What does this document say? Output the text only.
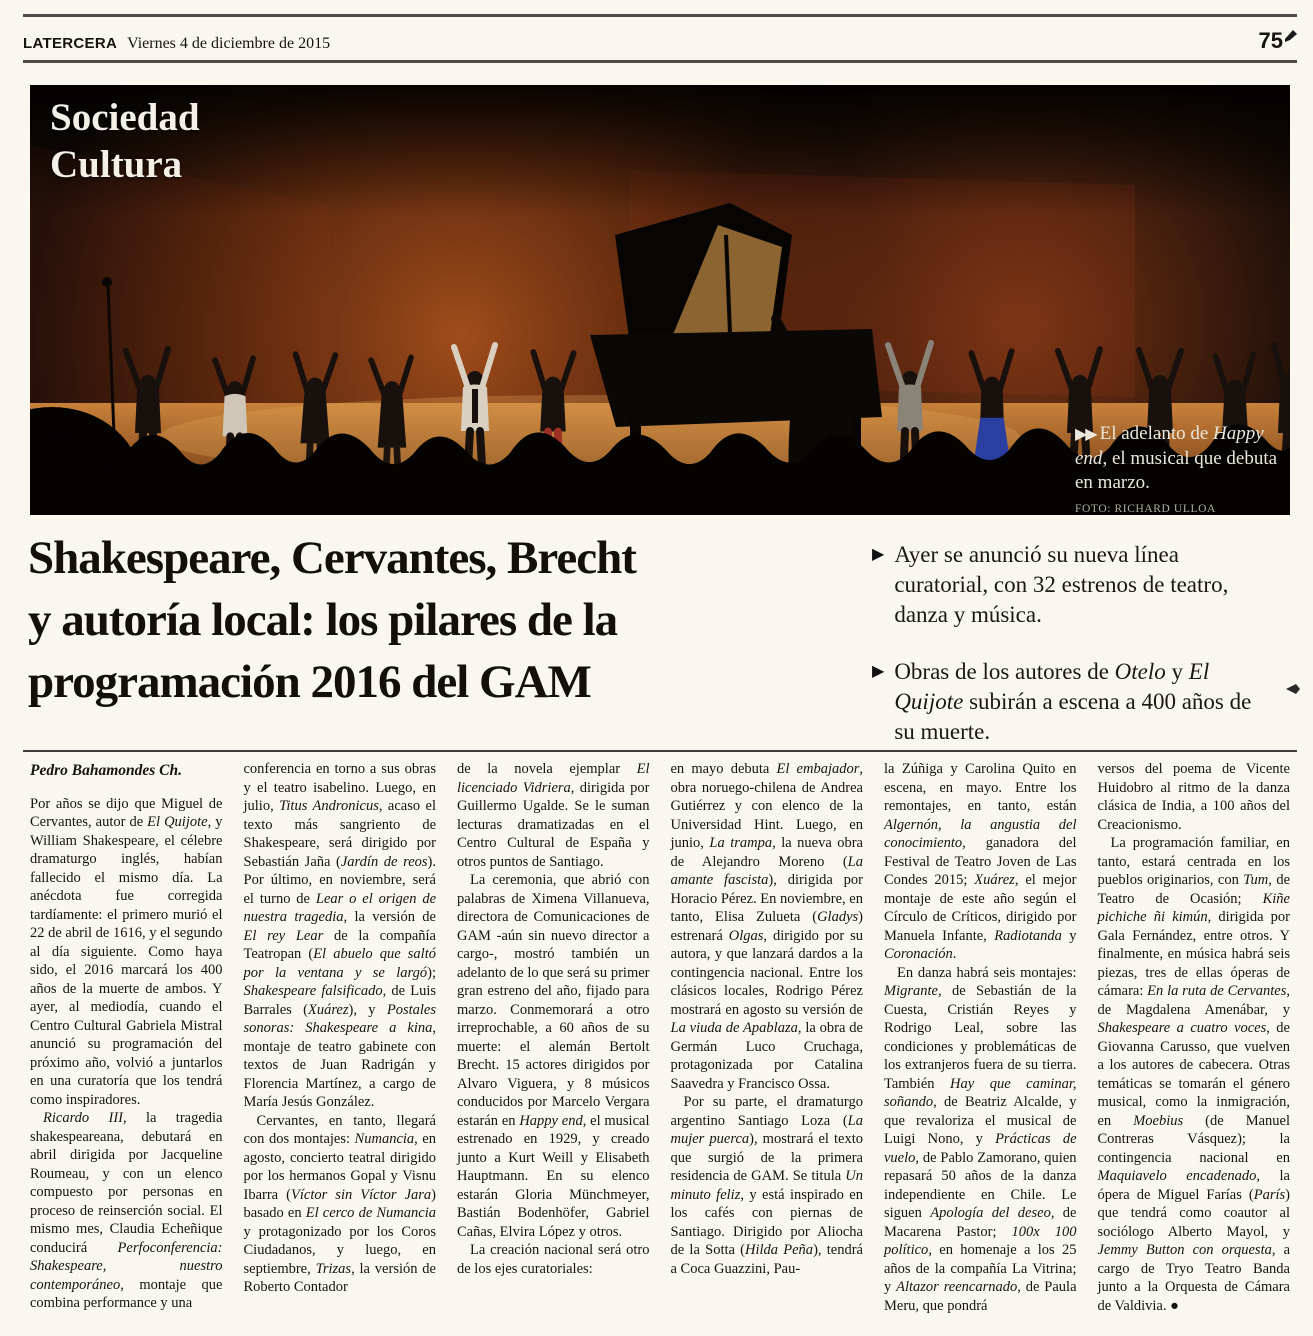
LATERCERA Viernes 4 de diciembre de 2015	75
Sociedad
Cultura
▶▶ El adelanto de Happy end, el musical que debuta en marzo.
FOTO: RICHARD ULLOA
Shakespeare, Cervantes, Brecht
y autoría local: los pilares de la
programación 2016 del GAM
▶ Ayer se anunció su nueva línea curatorial, con 32 estrenos de teatro, danza y música.
▶ Obras de los autores de Otelo y El Quijote subirán a escena a 400 años de su muerte.

Pedro Bahamondes Ch.

Por años se dijo que Miguel de Cervantes, autor de El Quijote, y William Shakespeare, el célebre dramaturgo inglés, habían fallecido el mismo día. La anécdota fue corregida tardíamente: el primero murió el 22 de abril de 1616, y el segundo al día siguiente. Como haya sido, el 2016 marcará los 400 años de la muerte de ambos. Y ayer, al mediodía, cuando el Centro Cultural Gabriela Mistral anunció su programación del próximo año, volvió a juntarlos en una curatoría que los tendrá como inspiradores.

Ricardo III, la tragedia shakespeareana, debutará en abril dirigida por Jacqueline Roumeau, y con un elenco compuesto por personas en proceso de reinserción social. El mismo mes, Claudia Echeñique conducirá Perfoconferencia: Shakespeare, nuestro contemporáneo, montaje que combina performance y una

conferencia en torno a sus obras y el teatro isabelino. Luego, en julio, Titus Andronicus, acaso el texto más sangriento de Shakespeare, será dirigido por Sebastián Jaña (Jardín de reos). Por último, en noviembre, será el turno de Lear o el origen de nuestra tragedia, la versión de El rey Lear de la compañía Teatropan (El abuelo que saltó por la ventana y se largó); Shakespeare falsificado, de Luis Barrales (Xuárez), y Postales sonoras: Shakespeare a kina, montaje de teatro gabinete con textos de Juan Radrigán y Florencia Martínez, a cargo de María Jesús González.

Cervantes, en tanto, llegará con dos montajes: Numancia, en agosto, concierto teatral dirigido por los hermanos Gopal y Visnu Ibarra (Víctor sin Víctor Jara) basado en El cerco de Numancia y protagonizado por los Coros Ciudadanos, y luego, en septiembre, Trizas, la versión de Roberto Contador

de la novela ejemplar El licenciado Vidriera, dirigida por Guillermo Ugalde. Se le suman lecturas dramatizadas en el Centro Cultural de España y otros puntos de Santiago.

La ceremonia, que abrió con palabras de Ximena Villanueva, directora de Comunicaciones de GAM -aún sin nuevo director a cargo-, mostró también un adelanto de lo que será su primer gran estreno del año, fijado para marzo. Conmemorará a otro irreprochable, a 60 años de su muerte: el alemán Bertolt Brecht. 15 actores dirigidos por Alvaro Viguera, y 8 músicos conducidos por Marcelo Vergara estarán en Happy end, el musical estrenado en 1929, y creado junto a Kurt Weill y Elisabeth Hauptmann. En su elenco estarán Gloria Münchmeyer, Bastián Bodenhöfer, Gabriel Cañas, Elvira López y otros.

La creación nacional será otro de los ejes curatoriales:

en mayo debuta El embajador, obra noruego-chilena de Andrea Gutiérrez y con elenco de la Universidad Hint. Luego, en junio, La trampa, la nueva obra de Alejandro Moreno (La amante fascista), dirigida por Horacio Pérez. En noviembre, en tanto, Elisa Zulueta (Gladys) estrenará Olgas, dirigido por su autora, y que lanzará dardos a la contingencia nacional. Entre los clásicos locales, Rodrigo Pérez mostrará en agosto su versión de La viuda de Apablaza, la obra de Germán Luco Cruchaga, protagonizada por Catalina Saavedra y Francisco Ossa.

Por su parte, el dramaturgo argentino Santiago Loza (La mujer puerca), mostrará el texto que surgió de la primera residencia de GAM. Se titula Un minuto feliz, y está inspirado en los cafés con piernas de Santiago. Dirigido por Aliocha de la Sotta (Hilda Peña), tendrá a Coca Guazzini, Pau-

la Zúñiga y Carolina Quito en escena, en mayo. Entre los remontajes, en tanto, están Algernón, la angustia del conocimiento, ganadora del Festival de Teatro Joven de Las Condes 2015; Xuárez, el mejor montaje de este año según el Círculo de Críticos, dirigido por Manuela Infante, Radiotanda y Coronación.

En danza habrá seis montajes: Migrante, de Sebastián de la Cuesta, Cristián Reyes y Rodrigo Leal, sobre las condiciones y problemáticas de los extranjeros fuera de su tierra. También Hay que caminar, soñando, de Beatriz Alcalde, y que revaloriza el musical de Luigi Nono, y Prácticas de vuelo, de Pablo Zamorano, quien repasará 50 años de la danza independiente en Chile. Le siguen Apología del deseo, de Macarena Pastor; 100x 100 político, en homenaje a los 25 años de la compañía La Vitrina; y Altazor reencarnado, de Paula Meru, que pondrá

versos del poema de Vicente Huidobro al ritmo de la danza clásica de India, a 100 años del Creacionismo.

La programación familiar, en tanto, estará centrada en los pueblos originarios, con Tum, de Teatro de Ocasión; Kiñe pichiche ñi kimún, dirigida por Gala Fernández, entre otros. Y finalmente, en música habrá seis piezas, tres de ellas óperas de cámara: En la ruta de Cervantes, de Magdalena Amenábar, y Shakespeare a cuatro voces, de Giovanna Carusso, que vuelven a los autores de cabecera. Otras temáticas se tomarán el género musical, como la inmigración, en Moebius (de Manuel Contreras Vásquez); la contingencia nacional en Maquiavelo encadenado, la ópera de Miguel Farías (París) que tendrá como coautor al sociólogo Alberto Mayol, y Jemmy Button con orquesta, a cargo de Tryo Teatro Banda junto a la Orquesta de Cámara de Valdivia. ●
